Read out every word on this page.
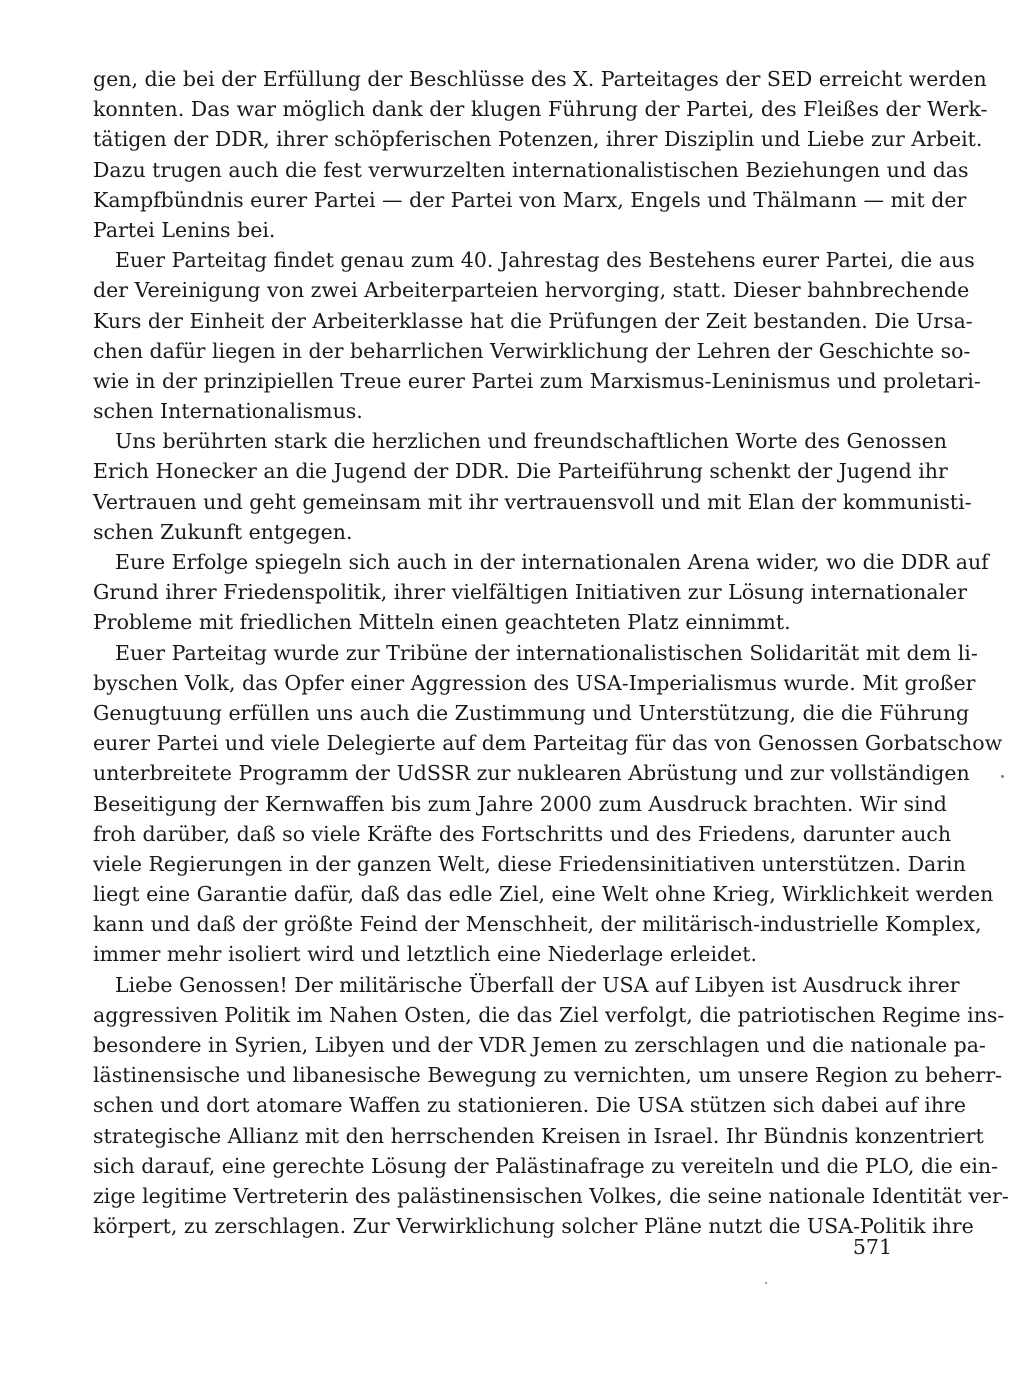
gen, die bei der Erfüllung der Beschlüsse des X. Parteitages der SED erreicht werden
konnten. Das war möglich dank der klugen Führung der Partei, des Fleißes der Werk-
tätigen der DDR, ihrer schöpferischen Potenzen, ihrer Disziplin und Liebe zur Arbeit.
Dazu trugen auch die fest verwurzelten internationalistischen Beziehungen und das
Kampfbündnis eurer Partei — der Partei von Marx, Engels und Thälmann — mit der
Partei Lenins bei.
Euer Parteitag findet genau zum 40. Jahrestag des Bestehens eurer Partei, die aus
der Vereinigung von zwei Arbeiterparteien hervorging, statt. Dieser bahnbrechende
Kurs der Einheit der Arbeiterklasse hat die Prüfungen der Zeit bestanden. Die Ursa-
chen dafür liegen in der beharrlichen Verwirklichung der Lehren der Geschichte so-
wie in der prinzipiellen Treue eurer Partei zum Marxismus-Leninismus und proletari-
schen Internationalismus.
Uns berührten stark die herzlichen und freundschaftlichen Worte des Genossen
Erich Honecker an die Jugend der DDR. Die Parteiführung schenkt der Jugend ihr
Vertrauen und geht gemeinsam mit ihr vertrauensvoll und mit Elan der kommunisti-
schen Zukunft entgegen.
Eure Erfolge spiegeln sich auch in der internationalen Arena wider, wo die DDR auf
Grund ihrer Friedenspolitik, ihrer vielfältigen Initiativen zur Lösung internationaler
Probleme mit friedlichen Mitteln einen geachteten Platz einnimmt.
Euer Parteitag wurde zur Tribüne der internationalistischen Solidarität mit dem li-
byschen Volk, das Opfer einer Aggression des USA-Imperialismus wurde. Mit großer
Genugtuung erfüllen uns auch die Zustimmung und Unterstützung, die die Führung
eurer Partei und viele Delegierte auf dem Parteitag für das von Genossen Gorbatschow
unterbreitete Programm der UdSSR zur nuklearen Abrüstung und zur vollständigen
Beseitigung der Kernwaffen bis zum Jahre 2000 zum Ausdruck brachten. Wir sind
froh darüber, daß so viele Kräfte des Fortschritts und des Friedens, darunter auch
viele Regierungen in der ganzen Welt, diese Friedensinitiativen unterstützen. Darin
liegt eine Garantie dafür, daß das edle Ziel, eine Welt ohne Krieg, Wirklichkeit werden
kann und daß der größte Feind der Menschheit, der militärisch-industrielle Komplex,
immer mehr isoliert wird und letztlich eine Niederlage erleidet.
Liebe Genossen! Der militärische Überfall der USA auf Libyen ist Ausdruck ihrer
aggressiven Politik im Nahen Osten, die das Ziel verfolgt, die patriotischen Regime ins-
besondere in Syrien, Libyen und der VDR Jemen zu zerschlagen und die nationale pa-
lästinensische und libanesische Bewegung zu vernichten, um unsere Region zu beherr-
schen und dort atomare Waffen zu stationieren. Die USA stützen sich dabei auf ihre
strategische Allianz mit den herrschenden Kreisen in Israel. Ihr Bündnis konzentriert
sich darauf, eine gerechte Lösung der Palästinafrage zu vereiteln und die PLO, die ein-
zige legitime Vertreterin des palästinensischen Volkes, die seine nationale Identität ver-
körpert, zu zerschlagen. Zur Verwirklichung solcher Pläne nutzt die USA-Politik ihre
571
